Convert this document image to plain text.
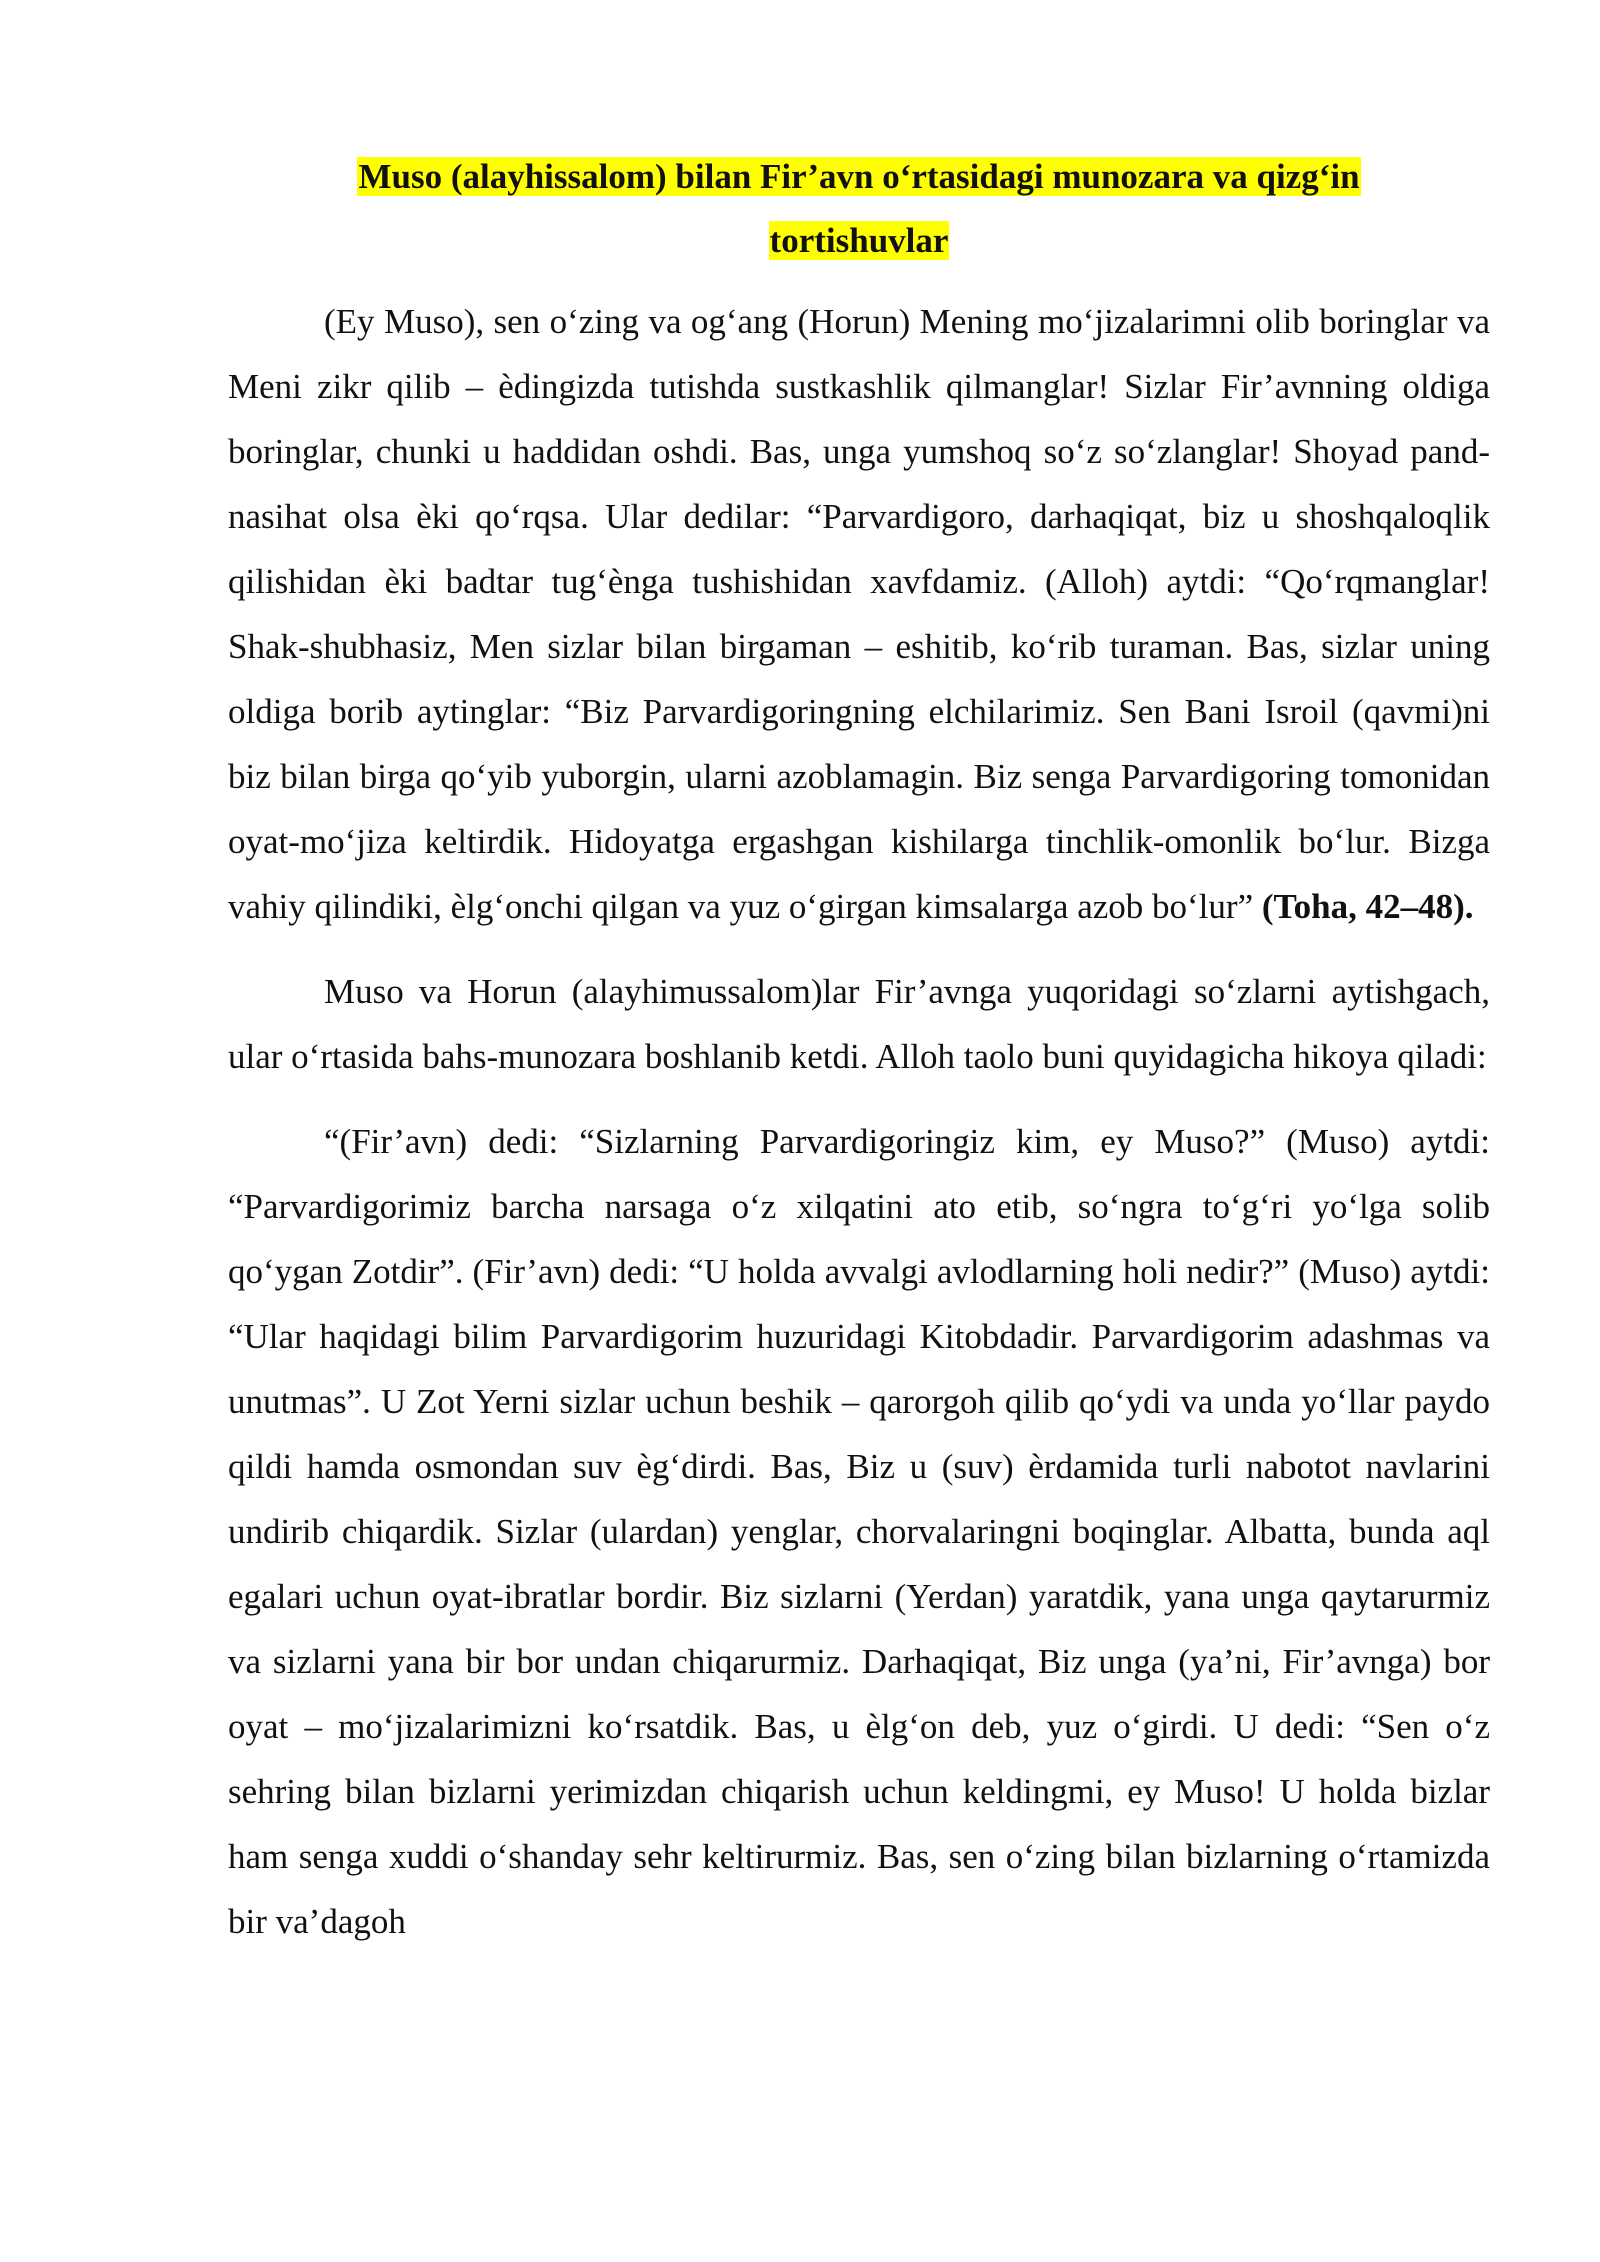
Muso (alayhissalom) bilan Fir’avn o‘rtasidagi munozara va qizg‘in
tortishuvlar

(Ey Muso), sen o‘zing va og‘ang (Horun) Mening mo‘jizalarimni olib boringlar va Meni zikr qilib – èdingizda tutishda sustkashlik qilmanglar! Sizlar Fir’avnning oldiga boringlar, chunki u haddidan oshdi. Bas, unga yumshoq so‘z so‘zlanglar! Shoyad pand-nasihat olsa èki qo‘rqsa. Ular dedilar: “Parvardigoro, darhaqiqat, biz u shoshqaloqlik qilishidan èki badtar tug‘ènga tushishidan xavfdamiz. (Alloh) aytdi: “Qo‘rqmanglar! Shak-shubhasiz, Men sizlar bilan birgaman – eshitib, ko‘rib turaman. Bas, sizlar uning oldiga borib aytinglar: “Biz Parvardigoringning elchilarimiz. Sen Bani Isroil (qavmi)ni biz bilan birga qo‘yib yuborgin, ularni azoblamagin. Biz senga Parvardigoring tomonidan oyat-mo‘jiza keltirdik. Hidoyatga ergashgan kishilarga tinchlik-omonlik bo‘lur. Bizga vahiy qilindiki, èlg‘onchi qilgan va yuz o‘girgan kimsalarga azob bo‘lur” (Toha, 42–48).

Muso va Horun (alayhimussalom)lar Fir’avnga yuqoridagi so‘zlarni aytishgach, ular o‘rtasida bahs-munozara boshlanib ketdi. Alloh taolo buni quyidagicha hikoya qiladi:

“(Fir’avn) dedi: “Sizlarning Parvardigoringiz kim, ey Muso?” (Muso) aytdi: “Parvardigorimiz barcha narsaga o‘z xilqatini ato etib, so‘ngra to‘g‘ri yo‘lga solib qo‘ygan Zotdir”. (Fir’avn) dedi: “U holda avvalgi avlodlarning holi nedir?” (Muso) aytdi: “Ular haqidagi bilim Parvardigorim huzuridagi Kitobdadir. Parvardigorim adashmas va unutmas”. U Zot Yerni sizlar uchun beshik – qarorgoh qilib qo‘ydi va unda yo‘llar paydo qildi hamda osmondan suv èg‘dirdi. Bas, Biz u (suv) èrdamida turli nabotot navlarini undirib chiqardik. Sizlar (ulardan) yenglar, chorvalaringni boqinglar. Albatta, bunda aql egalari uchun oyat-ibratlar bordir. Biz sizlarni (Yerdan) yaratdik, yana unga qaytarurmiz va sizlarni yana bir bor undan chiqarurmiz. Darhaqiqat, Biz unga (ya’ni, Fir’avnga) bor oyat – mo‘jizalarimizni ko‘rsatdik. Bas, u èlg‘on deb, yuz o‘girdi. U dedi: “Sen o‘z sehring bilan bizlarni yerimizdan chiqarish uchun keldingmi, ey Muso! U holda bizlar ham senga xuddi o‘shanday sehr keltirurmiz. Bas, sen o‘zing bilan bizlarning o‘rtamizda bir va’dagoh
